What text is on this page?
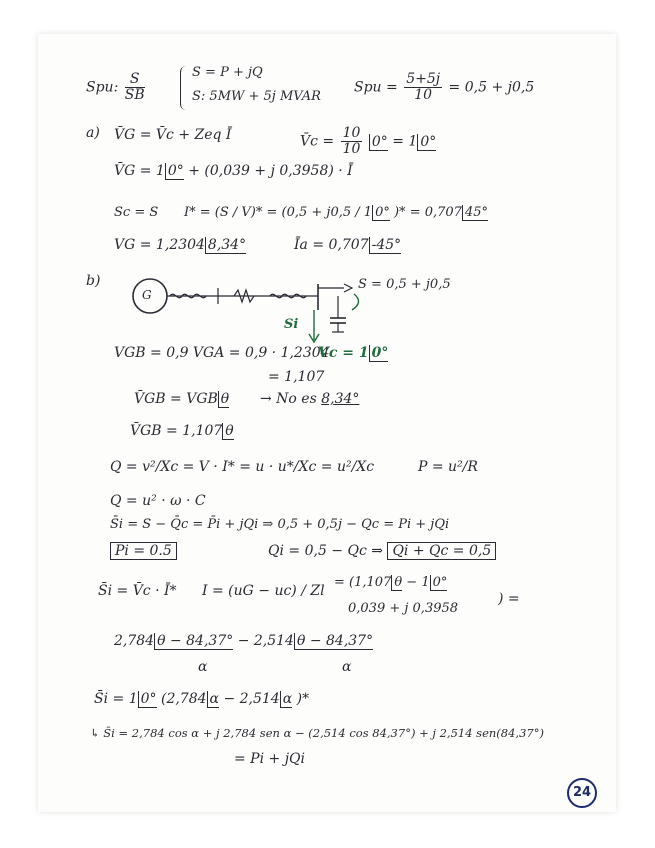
Spu: $\frac{S}{SB}$	S = P + jQ
S: 5MW + 5j MVAR
Spu = $\frac{5+5j}{10} = 0,5 + j0,5$
a) V̄G = V̄c + Zeq Ī	V̄c = $\frac{10}{10} 0^\circ = 1$ 0°
V̄G = 1 0° + (0,039 + j 0,3958) · Ī
Sc = S I* = (S / V)* = (0,5 + j0,5 / 1 0° )* = 0,707 45°
VG = 1,2304 8,34°	Īa = 0,707 -45°
b)
G
S = 0,5 + j0,5
Si
VGB = 0,9 VGA = 0,9 · 1,2304
Vc = 1 0°
= 1,107
V̄GB = VGB θ → No es 8,34°
V̄GB = 1,107 θ
Q = v²/Xc = V · I* = u · u*/Xc = u²/Xc	P = u²/R
Q = u² · ω · C
S̄i = S − Q̄c = P̄i + jQi ⇒ 0,5 + 0,5j − Qc = Pi + jQi
Pi = 0.5	Qi = 0,5 − Qc ⇒ Qi + Qc = 0,5
S̄i = V̄c · Ī* I = (uG − uc) / Zl
= (1,107 θ − 1 0°
0,039 + j 0,3958
) =
2,784 θ − 84,37° − 2,514 θ − 84,37°
α	α
S̄i = 1 0° (2,784 α − 2,514 α )*
↳ S̄i = 2,784 cos α + j 2,784 sen α − (2,514 cos 84,37°) + j 2,514 sen(84,37°)
= Pi + jQi
24
